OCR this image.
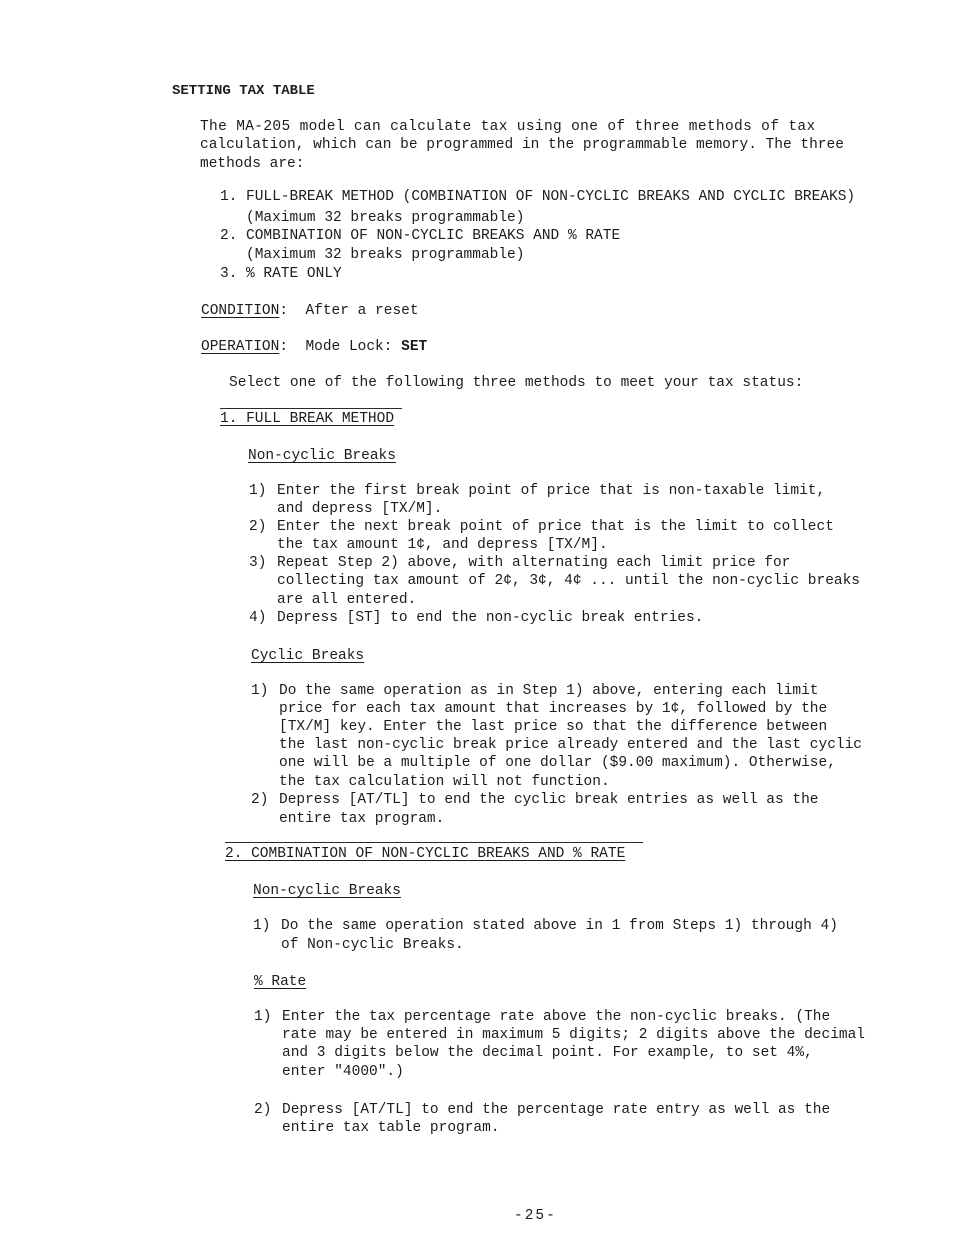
SETTING TAX TABLE
The MA-205 model can calculate tax using one of three methods of tax
calculation, which can be programmed in the programmable memory. The three
methods are:
1. FULL-BREAK METHOD (COMBINATION OF NON-CYCLIC BREAKS AND CYCLIC BREAKS)
(Maximum 32 breaks programmable)
2. COMBINATION OF NON-CYCLIC BREAKS AND % RATE
(Maximum 32 breaks programmable)
3. % RATE ONLY
CONDITION:  After a reset
OPERATION:  Mode Lock: SET
Select one of the following three methods to meet your tax status:
1. FULL BREAK METHOD
Non-cyclic Breaks
1) Enter the first break point of price that is non-taxable limit,
and depress [TX/M].
2) Enter the next break point of price that is the limit to collect
the tax amount 1¢, and depress [TX/M].
3) Repeat Step 2) above, with alternating each limit price for
collecting tax amount of 2¢, 3¢, 4¢ ... until the non-cyclic breaks
are all entered.
4) Depress [ST] to end the non-cyclic break entries.
Cyclic Breaks
1) Do the same operation as in Step 1) above, entering each limit
price for each tax amount that increases by 1¢, followed by the
[TX/M] key. Enter the last price so that the difference between
the last non-cyclic break price already entered and the last cyclic
one will be a multiple of one dollar ($9.00 maximum). Otherwise,
the tax calculation will not function.
2) Depress [AT/TL] to end the cyclic break entries as well as the
entire tax program.
2. COMBINATION OF NON-CYCLIC BREAKS AND % RATE
Non-cyclic Breaks
1) Do the same operation stated above in 1 from Steps 1) through 4)
of Non-cyclic Breaks.
% Rate
1) Enter the tax percentage rate above the non-cyclic breaks. (The
rate may be entered in maximum 5 digits; 2 digits above the decimal
and 3 digits below the decimal point. For example, to set 4%,
enter "4000".)
2) Depress [AT/TL] to end the percentage rate entry as well as the
entire tax table program.
-25-
